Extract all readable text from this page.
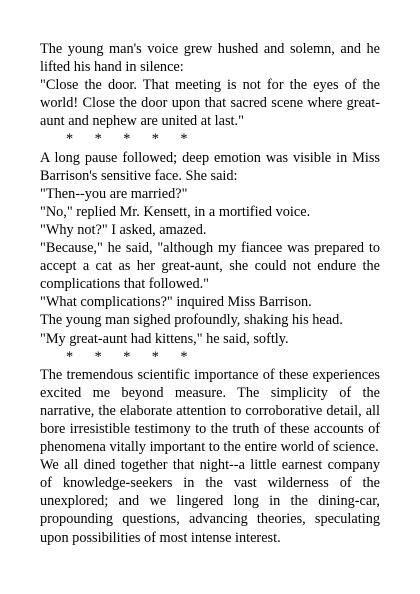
The young man's voice grew hushed and solemn, and he lifted his hand in silence:

"Close the door. That meeting is not for the eyes of the world! Close the door upon that sacred scene where great-aunt and nephew are united at last."

*      *      *      *      *

A long pause followed; deep emotion was visible in Miss Barrison's sensitive face. She said:

"Then--you are married?"

"No," replied Mr. Kensett, in a mortified voice.

"Why not?" I asked, amazed.

"Because," he said, "although my fiancee was prepared to accept a cat as her great-aunt, she could not endure the complications that followed."

"What complications?" inquired Miss Barrison.

The young man sighed profoundly, shaking his head.

"My great-aunt had kittens," he said, softly.

*      *      *      *      *

The tremendous scientific importance of these experiences excited me beyond measure. The simplicity of the narrative, the elaborate attention to corroborative detail, all bore irresistible testimony to the truth of these accounts of phenomena vitally important to the entire world of science.

We all dined together that night--a little earnest company of knowledge-seekers in the vast wilderness of the unexplored; and we lingered long in the dining-car, propounding questions, advancing theories, speculating upon possibilities of most intense interest.
